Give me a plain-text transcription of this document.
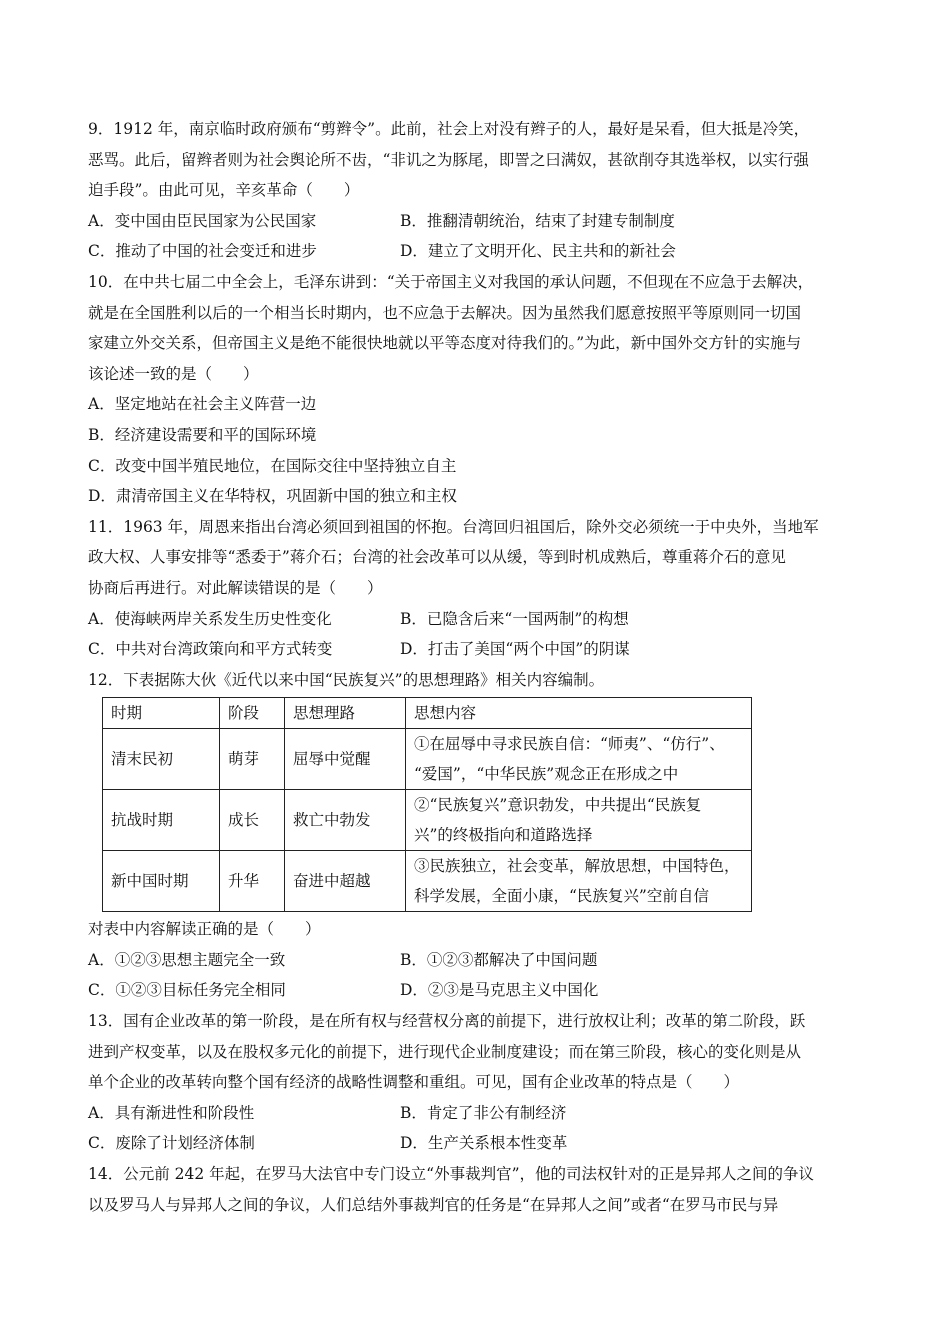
9．1912 年，南京临时政府颁布“剪辫令”。此前，社会上对没有辫子的人，最好是呆看，但大抵是冷笑，
恶骂。此后，留辫者则为社会舆论所不齿，“非讥之为豚尾，即詈之曰满奴，甚欲削夺其选举权，以实行强
迫手段”。由此可见，辛亥革命（　　）
A．变中国由臣民国家为公民国家	B．推翻清朝统治，结束了封建专制制度
C．推动了中国的社会变迁和进步	D．建立了文明开化、民主共和的新社会
10．在中共七届二中全会上，毛泽东讲到：“关于帝国主义对我国的承认问题，不但现在不应急于去解决，
就是在全国胜利以后的一个相当长时期内，也不应急于去解决。因为虽然我们愿意按照平等原则同一切国
家建立外交关系，但帝国主义是绝不能很快地就以平等态度对待我们的。”为此，新中国外交方针的实施与
该论述一致的是（　　）
A．坚定地站在社会主义阵营一边
B．经济建设需要和平的国际环境
C．改变中国半殖民地位，在国际交往中坚持独立自主
D．肃清帝国主义在华特权，巩固新中国的独立和主权
11．1963 年，周恩来指出台湾必须回到祖国的怀抱。台湾回归祖国后，除外交必须统一于中央外，当地军
政大权、人事安排等“悉委于”蒋介石；台湾的社会改革可以从缓，等到时机成熟后，尊重蒋介石的意见
协商后再进行。对此解读错误的是（　　）
A．使海峡两岸关系发生历史性变化	B．已隐含后来“一国两制”的构想
C．中共对台湾政策向和平方式转变	D．打击了美国“两个中国”的阴谋
12．下表据陈大伙《近代以来中国“民族复兴”的思想理路》相关内容编制。
时期	阶段	思想理路	思想内容
清末民初	萌芽	屈辱中觉醒	①在屈辱中寻求民族自信：“师夷”、“仿行”、
“爱国”，“中华民族”观念正在形成之中

抗战时期	成长	救亡中勃发	②“民族复兴”意识勃发，中共提出“民族复
兴”的终极指向和道路选择

新中国时期	升华	奋进中超越	③民族独立，社会变革，解放思想，中国特色，
科学发展，全面小康，“民族复兴”空前自信
对表中内容解读正确的是（　　）
A．①②③思想主题完全一致	B．①②③都解决了中国问题
C．①②③目标任务完全相同	D．②③是马克思主义中国化
13．国有企业改革的第一阶段，是在所有权与经营权分离的前提下，进行放权让利；改革的第二阶段，跃
进到产权变革，以及在股权多元化的前提下，进行现代企业制度建设；而在第三阶段，核心的变化则是从
单个企业的改革转向整个国有经济的战略性调整和重组。可见，国有企业改革的特点是（　　）
A．具有渐进性和阶段性	B．肯定了非公有制经济
C．废除了计划经济体制	D．生产关系根本性变革
14．公元前 242 年起，在罗马大法官中专门设立“外事裁判官”，他的司法权针对的正是异邦人之间的争议
以及罗马人与异邦人之间的争议，人们总结外事裁判官的任务是“在异邦人之间”或者“在罗马市民与异
